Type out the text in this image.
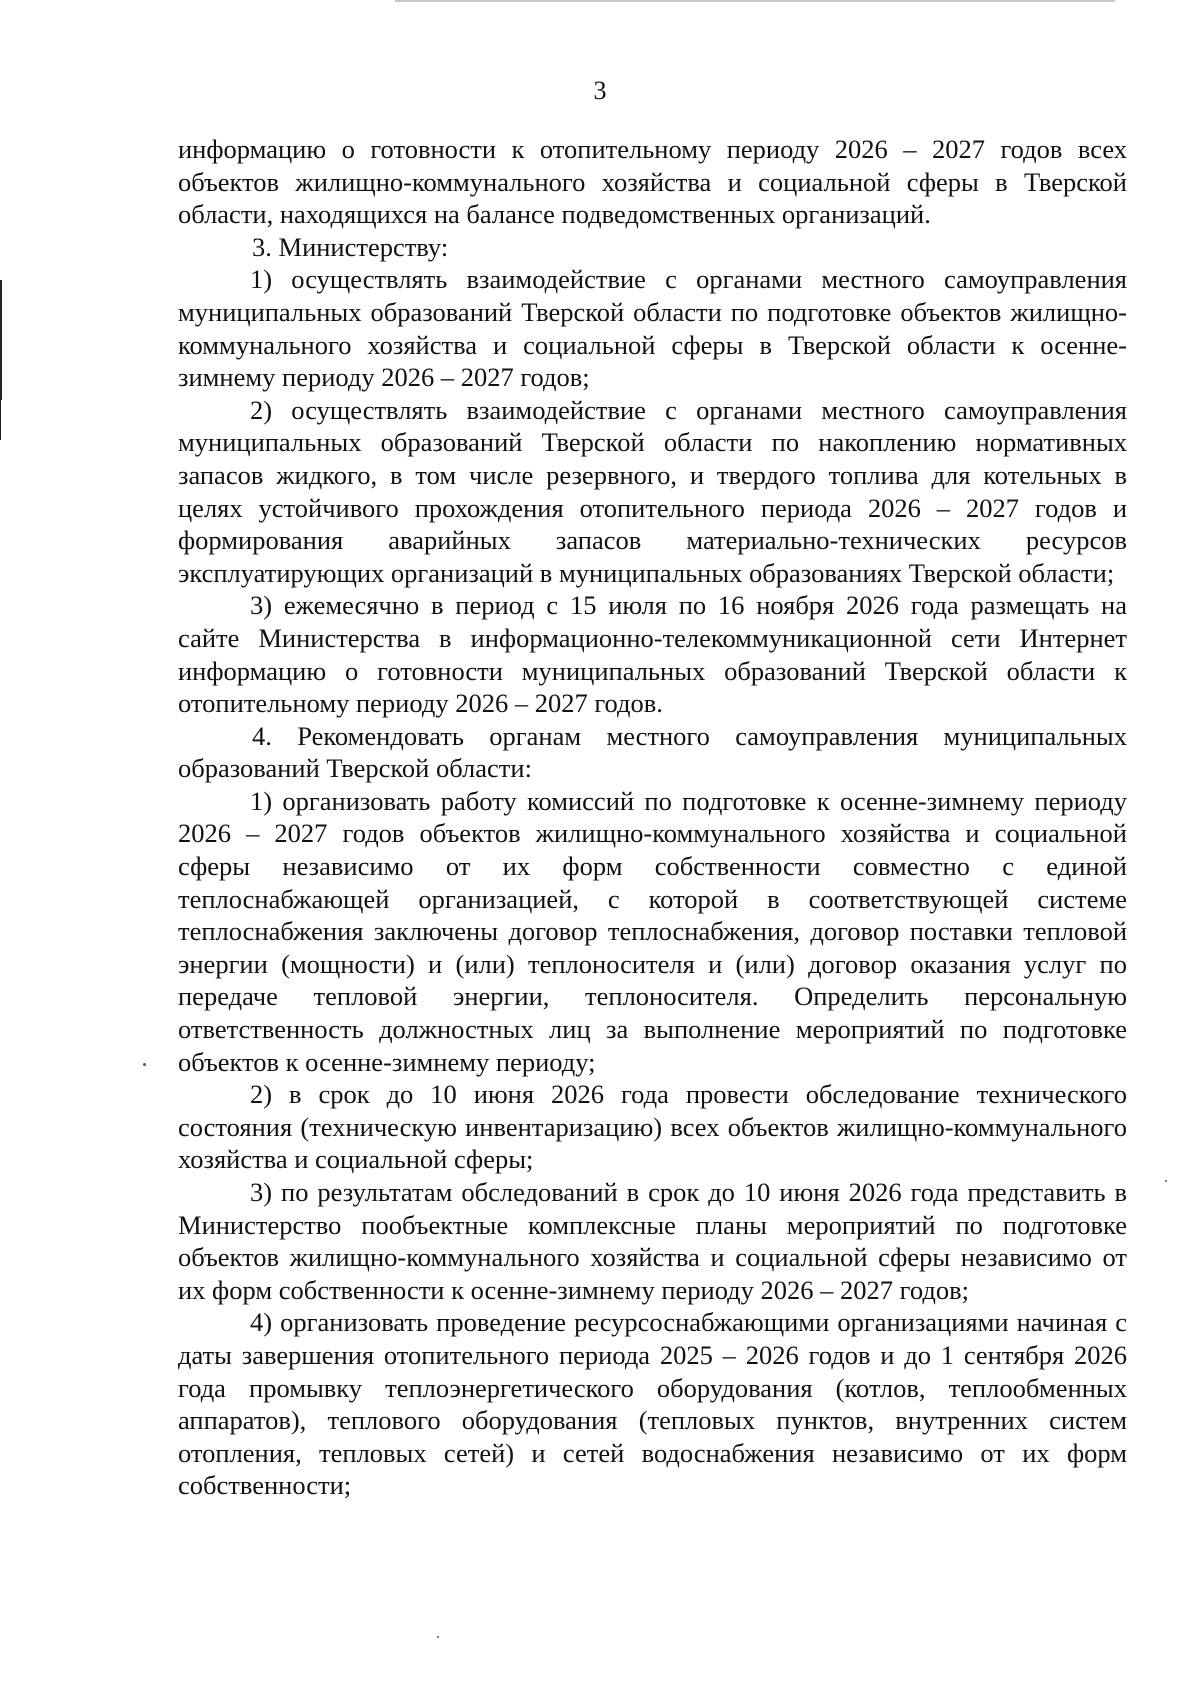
3

информацию о готовности к отопительному периоду 2026 – 2027 годов всех объектов жилищно-коммунального хозяйства и социальной сферы в Тверской области, находящихся на балансе подведомственных организаций.

3. Министерству:

1) осуществлять взаимодействие с органами местного самоуправления муниципальных образований Тверской области по подготовке объектов жилищно-коммунального хозяйства и социальной сферы в Тверской области к осенне-зимнему периоду 2026 – 2027 годов;

2) осуществлять взаимодействие с органами местного самоуправления муниципальных образований Тверской области по накоплению нормативных запасов жидкого, в том числе резервного, и твердого топлива для котельных в целях устойчивого прохождения отопительного периода 2026 – 2027 годов и формирования аварийных запасов материально-технических ресурсов эксплуатирующих организаций в муниципальных образованиях Тверской области;

3) ежемесячно в период с 15 июля по 16 ноября 2026 года размещать на сайте Министерства в информационно-телекоммуникационной сети Интернет информацию о готовности муниципальных образований Тверской области к отопительному периоду 2026 – 2027 годов.

4. Рекомендовать органам местного самоуправления муниципальных образований Тверской области:

1) организовать работу комиссий по подготовке к осенне-зимнему периоду 2026 – 2027 годов объектов жилищно-коммунального хозяйства и социальной сферы независимо от их форм собственности совместно с единой теплоснабжающей организацией, с которой в соответствующей системе теплоснабжения заключены договор теплоснабжения, договор поставки тепловой энергии (мощности) и (или) теплоносителя и (или) договор оказания услуг по передаче тепловой энергии, теплоносителя. Определить персональную ответственность должностных лиц за выполнение мероприятий по подготовке объектов к осенне-зимнему периоду;

2) в срок до 10 июня 2026 года провести обследование технического состояния (техническую инвентаризацию) всех объектов жилищно-коммунального хозяйства и социальной сферы;

3) по результатам обследований в срок до 10 июня 2026 года представить в Министерство пообъектные комплексные планы мероприятий по подготовке объектов жилищно-коммунального хозяйства и социальной сферы независимо от их форм собственности к осенне-зимнему периоду 2026 – 2027 годов;

4) организовать проведение ресурсоснабжающими организациями начиная с даты завершения отопительного периода 2025 – 2026 годов и до 1 сентября 2026 года промывку теплоэнергетического оборудования (котлов, теплообменных аппаратов), теплового оборудования (тепловых пунктов, внутренних систем отопления, тепловых сетей) и сетей водоснабжения независимо от их форм собственности;
